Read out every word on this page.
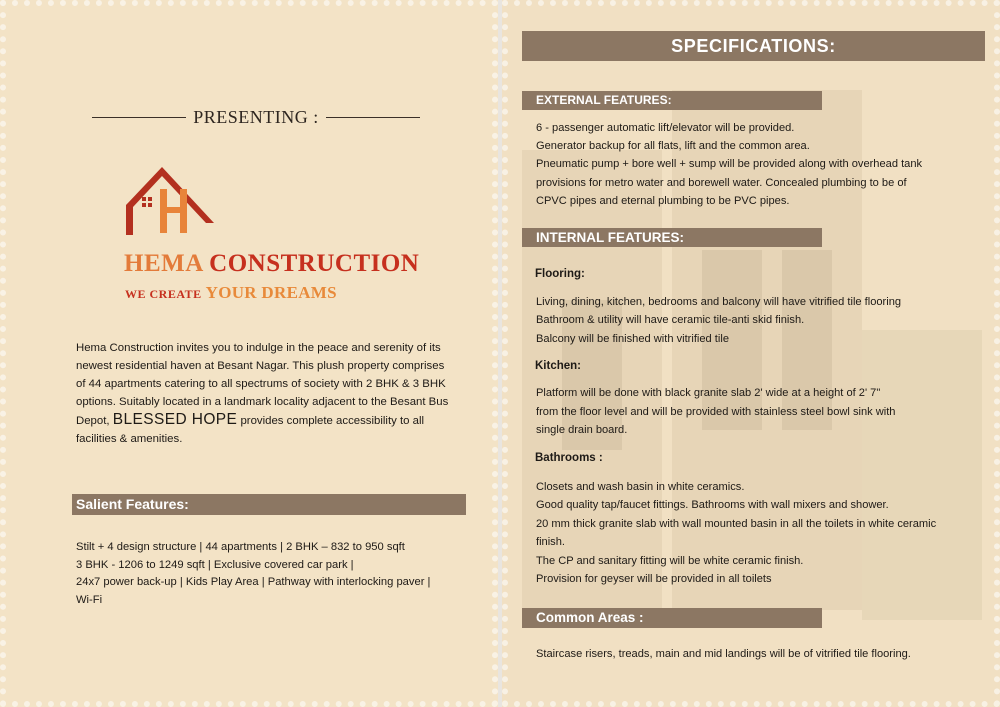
PRESENTING :
HEMA CONSTRUCTION
WE CREATE YOUR DREAMS
Hema Construction invites you to indulge in the peace and serenity of its newest residential haven at Besant Nagar. This plush property comprises of 44 apartments catering to all spectrums of society with 2 BHK & 3 BHK options. Suitably located in a landmark locality adjacent to the Besant Bus Depot, BLESSED HOPE provides complete accessibility to all facilities & amenities.
Salient Features:
Stilt + 4 design structure | 44 apartments | 2 BHK – 832 to 950 sqft
3 BHK - 1206 to 1249 sqft | Exclusive covered car park |
24x7 power back-up | Kids Play Area | Pathway with interlocking paver |
Wi-Fi
SPECIFICATIONS:
EXTERNAL FEATURES:
6 - passenger automatic lift/elevator will be provided.
Generator backup for all flats, lift and the common area.
Pneumatic pump + bore well + sump will be provided along with overhead tank
provisions for metro water and borewell water. Concealed plumbing to be of
CPVC pipes and eternal plumbing to be PVC pipes.
INTERNAL FEATURES:
Flooring:
Living, dining, kitchen, bedrooms and balcony will have vitrified tile flooring
Bathroom & utility will have ceramic tile-anti skid finish.
Balcony will be finished with vitrified tile
Kitchen:
Platform will be done with black granite slab 2' wide at a height of 2' 7"
from the floor level and will be provided with stainless steel bowl sink with
single drain board.
Bathrooms :
Closets and wash basin in white ceramics.
Good quality tap/faucet fittings. Bathrooms with wall mixers and shower.
20 mm thick granite slab with wall mounted basin in all the toilets in white ceramic
finish.
The CP and sanitary fitting will be white ceramic finish.
Provision for geyser will be provided in all toilets
Common Areas :
Staircase risers, treads, main and mid landings will be of vitrified tile flooring.
